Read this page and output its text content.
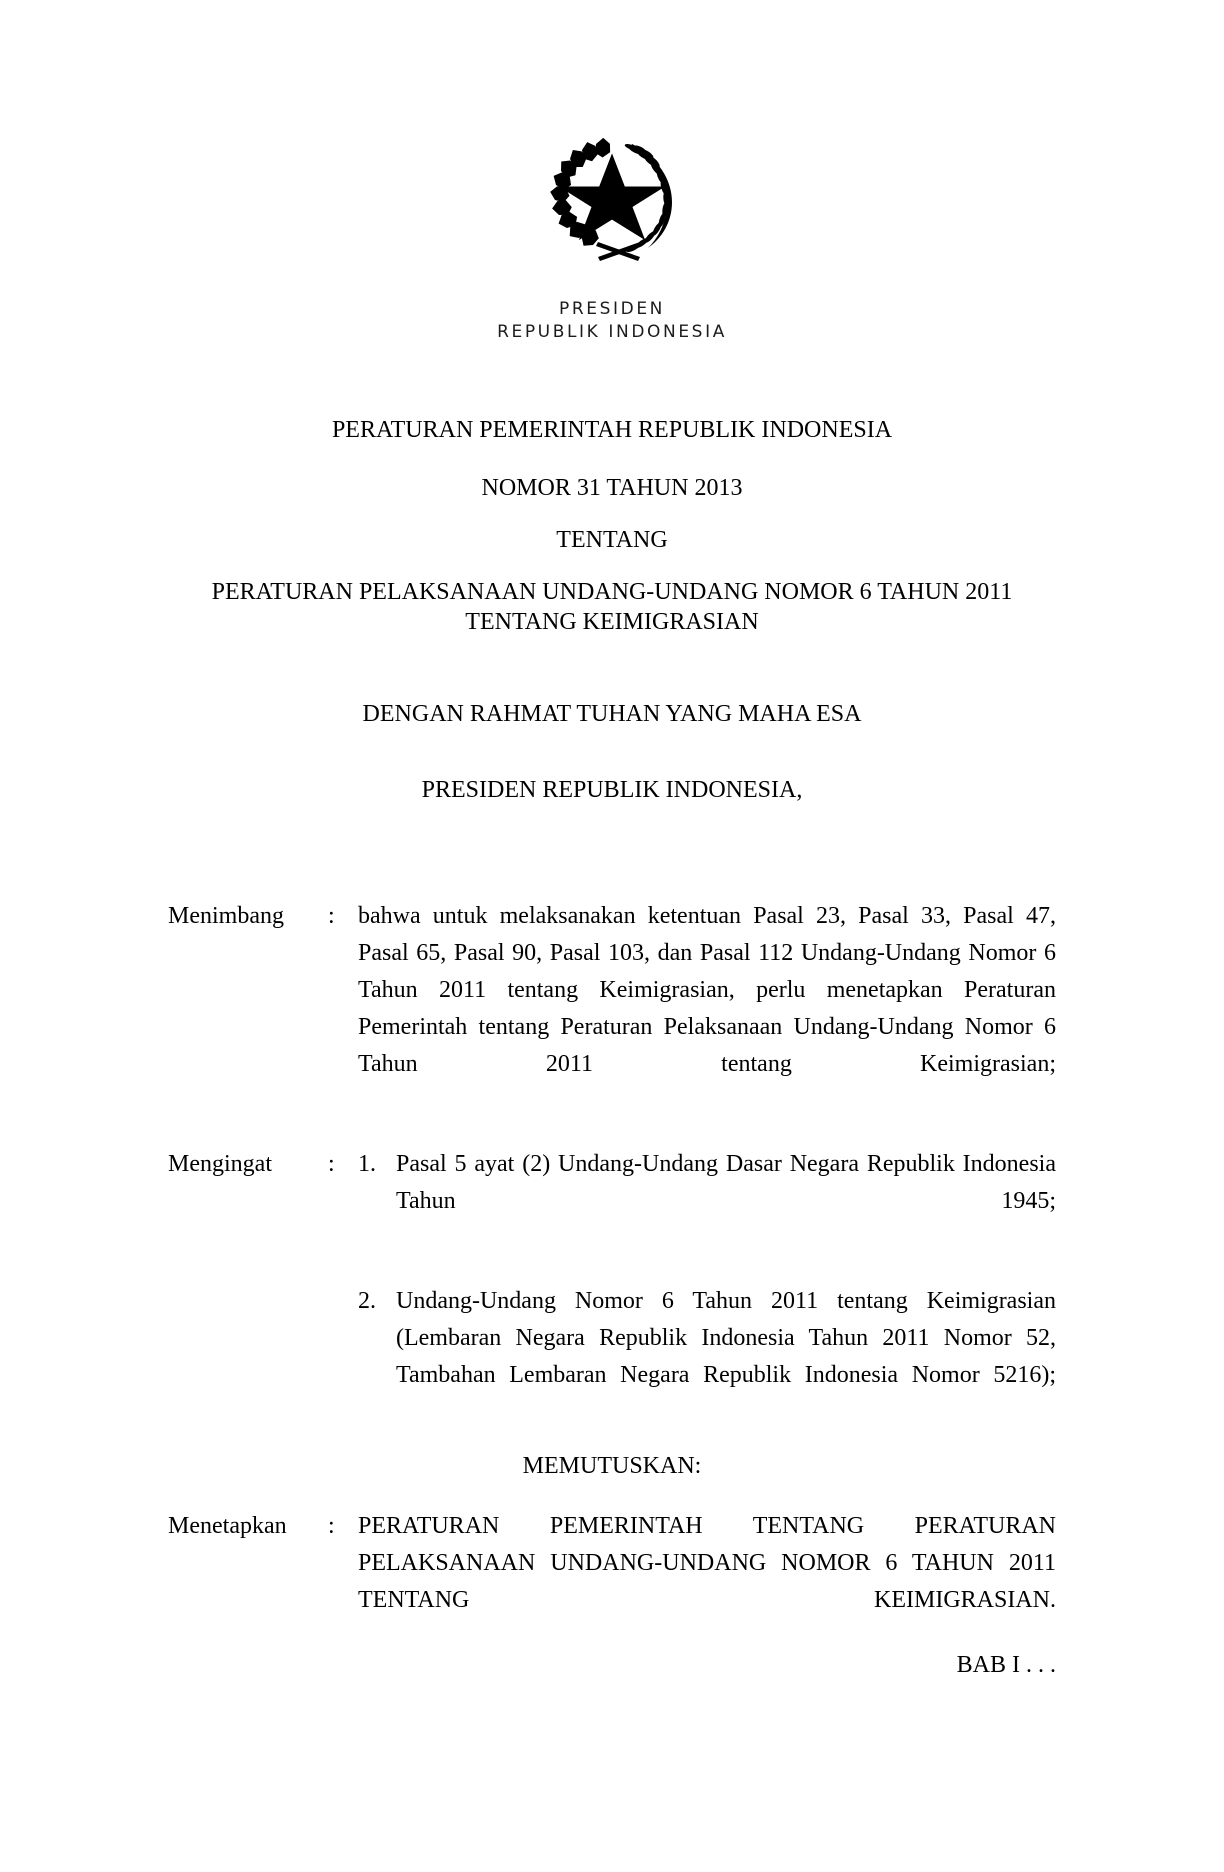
PRESIDEN
REPUBLIK INDONESIA
PERATURAN PEMERINTAH REPUBLIK INDONESIA
NOMOR 31 TAHUN 2013
TENTANG
PERATURAN PELAKSANAAN UNDANG-UNDANG NOMOR 6 TAHUN 2011
TENTANG KEIMIGRASIAN
DENGAN RAHMAT TUHAN YANG MAHA ESA
PRESIDEN REPUBLIK INDONESIA,
Menimbang	: bahwa untuk melaksanakan ketentuan Pasal 23, Pasal 33, Pasal 47, Pasal 65, Pasal 90, Pasal 103, dan Pasal 112 Undang-Undang Nomor 6 Tahun 2011 tentang Keimigrasian, perlu menetapkan Peraturan Pemerintah tentang Peraturan Pelaksanaan Undang-Undang Nomor 6 Tahun 2011 tentang Keimigrasian;

Mengingat	: 1. Pasal 5 ayat (2) Undang-Undang Dasar Negara Republik Indonesia Tahun 1945;
2. Undang-Undang Nomor 6 Tahun 2011 tentang Keimigrasian (Lembaran Negara Republik Indonesia Tahun 2011 Nomor 52, Tambahan Lembaran Negara Republik Indonesia Nomor 5216);
MEMUTUSKAN:
Menetapkan	: PERATURAN PEMERINTAH TENTANG PERATURAN PELAKSANAAN UNDANG-UNDANG NOMOR 6 TAHUN 2011 TENTANG KEIMIGRASIAN.

BAB I . . .
